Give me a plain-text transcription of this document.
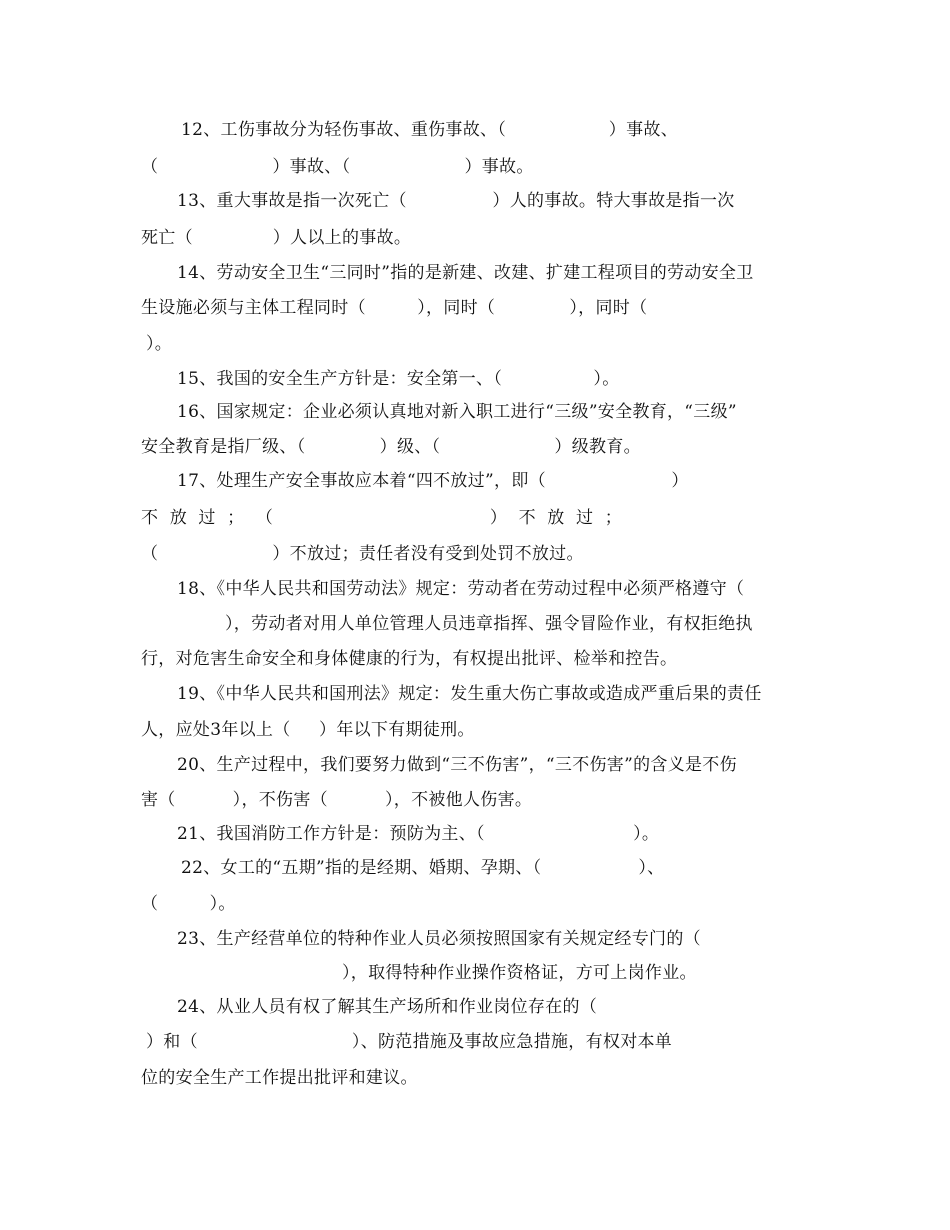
12、工伤事故分为轻伤事故、重伤事故、（                  ）事故、
（                    ）事故、（                    ）事故。
13、重大事故是指一次死亡（               ）人的事故。特大事故是指一次
死亡（              ）人以上的事故。
14、劳动安全卫生“三同时”指的是新建、改建、扩建工程项目的劳动安全卫
生设施必须与主体工程同时（         ），同时（             ），同时（
）。
15、我国的安全生产方针是：安全第一、（                ）。
16、国家规定：企业必须认真地对新入职工进行“三级”安全教育，“三级”
安全教育是指厂级、（             ）级、（                    ）级教育。
17、处理生产安全事故应本着“四不放过”，即（                      ）
不  放  过  ；  （                                      ）  不  放  过  ；
（                    ）不放过；责任者没有受到处罚不放过。
18、《中华人民共和国劳动法》规定：劳动者在劳动过程中必须严格遵守（
），劳动者对用人单位管理人员违章指挥、强令冒险作业，有权拒绝执
行，对危害生命安全和身体健康的行为，有权提出批评、检举和控告。
19、《中华人民共和国刑法》规定：发生重大伤亡事故或造成严重后果的责任
人，应处3年以上（     ）年以下有期徒刑。
20、生产过程中，我们要努力做到“三不伤害”，“三不伤害”的含义是不伤
害（          ），不伤害（          ），不被他人伤害。
21、我国消防工作方针是：预防为主、（                          ）。
22、女工的“五期”指的是经期、婚期、孕期、（                 ）、
（         ）。
23、生产经营单位的特种作业人员必须按照国家有关规定经专门的（
），取得特种作业操作资格证，方可上岗作业。
24、从业人员有权了解其生产场所和作业岗位存在的（
）和（                           ）、防范措施及事故应急措施，有权对本单
位的安全生产工作提出批评和建议。
